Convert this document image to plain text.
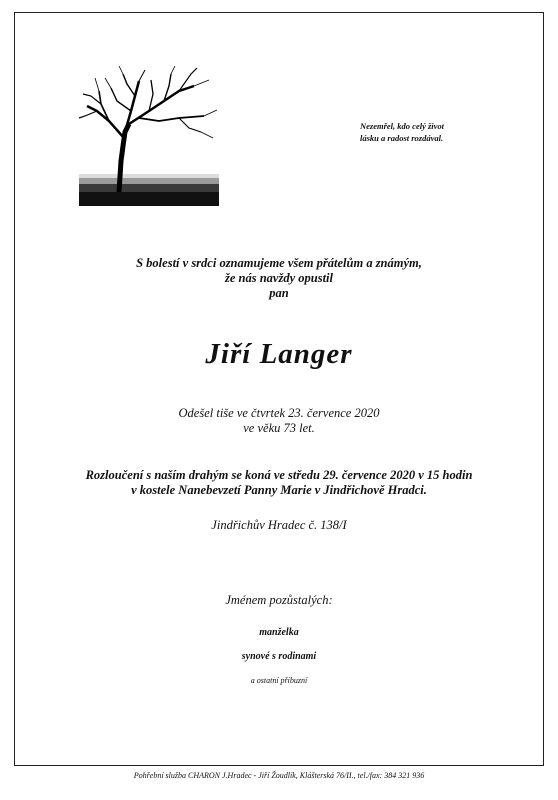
Nezemřel, kdo celý život
lásku a radost rozdával.
S bolestí v srdci oznamujeme všem přátelům a známým,
že nás navždy opustil
pan
Jiří Langer
Odešel tiše ve čtvrtek 23. července 2020
ve věku 73 let.
Rozloučení s naším drahým se koná ve středu 29. července 2020 v 15 hodin
v kostele Nanebevzetí Panny Marie v Jindřichově Hradci.
Jindřichův Hradec č. 138/I
Jménem pozůstalých:
manželka
synové s rodinami
a ostatní příbuzní
Pohřební služba CHARON J.Hradec - Jiří Žoudlík, Klášterská 76/II., tel./fax: 384 321 936
